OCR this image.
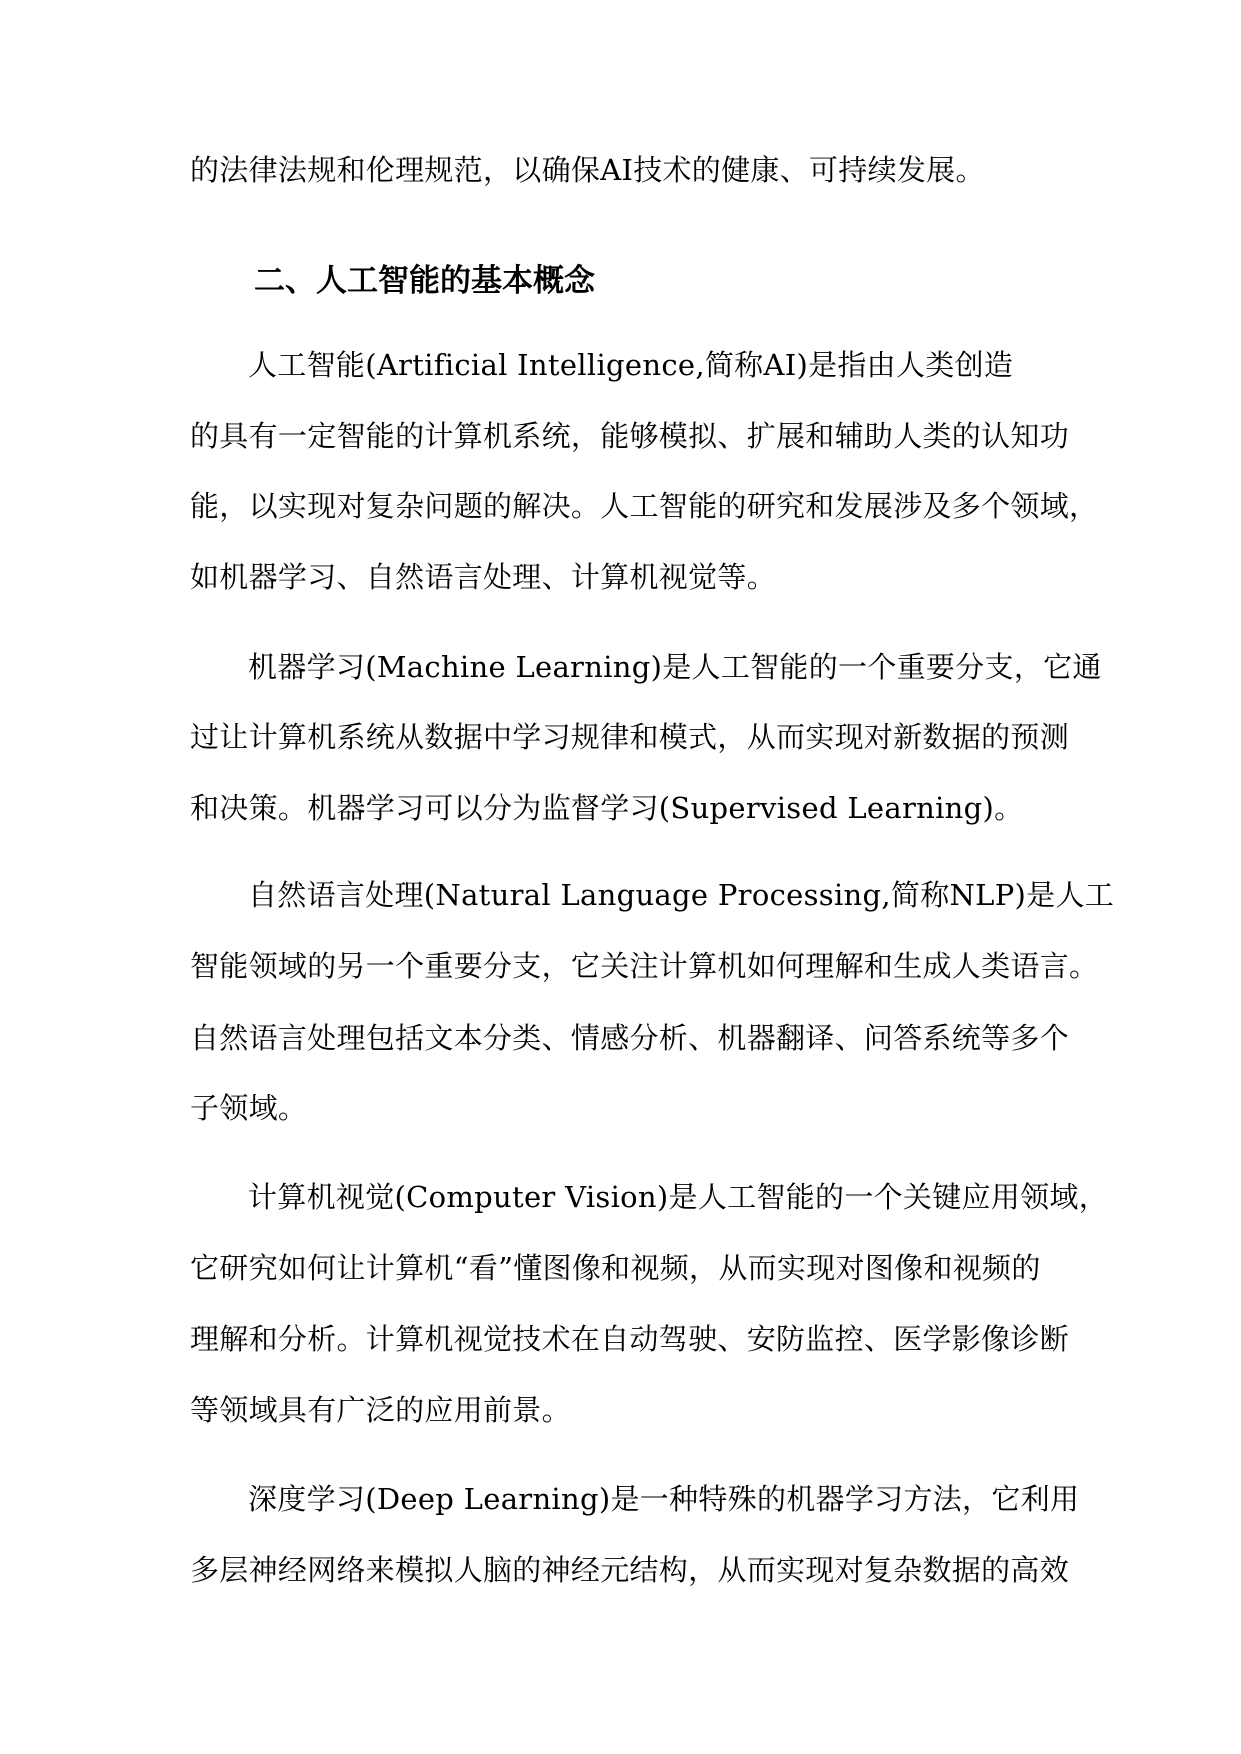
的法律法规和伦理规范，以确保AI技术的健康、可持续发展。
二、人工智能的基本概念
人工智能(Artificial Intelligence,简称AI)是指由人类创造
的具有一定智能的计算机系统，能够模拟、扩展和辅助人类的认知功
能，以实现对复杂问题的解决。人工智能的研究和发展涉及多个领域，
如机器学习、自然语言处理、计算机视觉等。
机器学习(Machine Learning)是人工智能的一个重要分支，它通
过让计算机系统从数据中学习规律和模式，从而实现对新数据的预测
和决策。机器学习可以分为监督学习(Supervised Learning)。
自然语言处理(Natural Language Processing,简称NLP)是人工
智能领域的另一个重要分支，它关注计算机如何理解和生成人类语言。
自然语言处理包括文本分类、情感分析、机器翻译、问答系统等多个
子领域。
计算机视觉(Computer Vision)是人工智能的一个关键应用领域，
它研究如何让计算机“看”懂图像和视频，从而实现对图像和视频的
理解和分析。计算机视觉技术在自动驾驶、安防监控、医学影像诊断
等领域具有广泛的应用前景。
深度学习(Deep Learning)是一种特殊的机器学习方法，它利用
多层神经网络来模拟人脑的神经元结构，从而实现对复杂数据的高效
